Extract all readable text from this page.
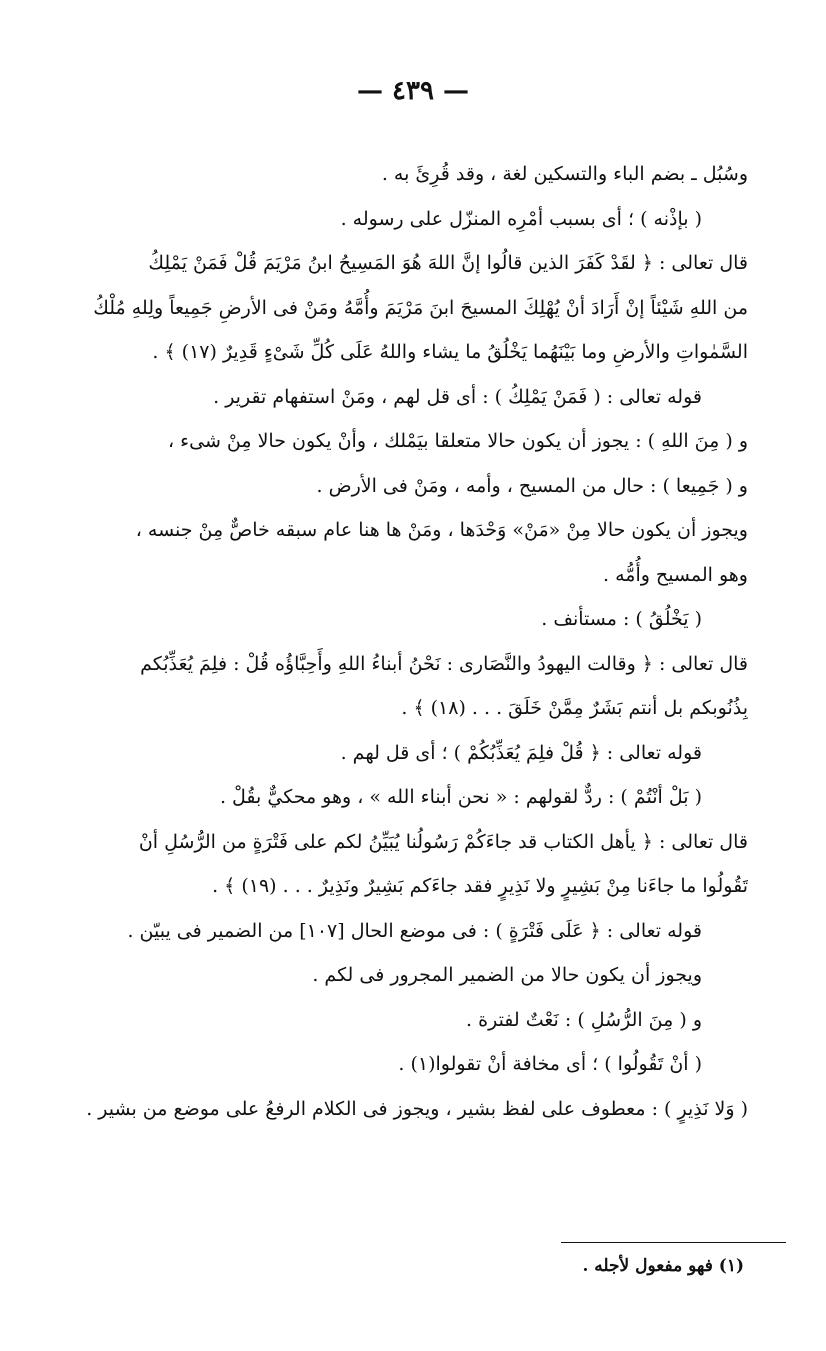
— ٤٣٩ —
وسُبُل ـ بضم الباء والتسكين لغة ، وقد قُرِئَ به .
( بإذْنه ) ؛ أى بسبب أمْرِه المنزّل على رسوله .
قال تعالى : ﴿ لقَدْ كَفَرَ الذين قالُوا إنَّ اللهَ هُوَ المَسِيحُ ابنُ مَرْيَمَ قُلْ فَمَنْ يَمْلِكُ
من اللهِ شَيْئاً إنْ أَرَادَ أنْ يُهْلِكَ المسيحَ ابنَ مَرْيَمَ وأُمَّهُ ومَنْ فى الأرضِ جَمِيعاً ولِلهِ مُلْكُ
السَّمٰواتِ والأرضِ وما بَيْنَهُما يَخْلُقُ ما يشاء واللهُ عَلَى كُلِّ شَىْءٍ قَدِيرٌ (١٧) ﴾ .
قوله تعالى : ( فَمَنْ يَمْلِكُ ) : أى قل لهم ، ومَنْ استفهام تقرير .
و ( مِنَ اللهِ ) : يجوز أن يكون حالا متعلقا بيَمْلك ، وأنْ يكون حالا مِنْ شىء ،
و ( جَمِيعا ) : حال من المسيح ، وأمه ، ومَنْ فى الأرض .
ويجوز أن يكون حالا مِنْ «مَنْ» وَحْدَها ، ومَنْ ها هنا عام سبقه خاصٌّ مِنْ جنسه ،
وهو المسيح وأُمُّه .
( يَخْلُقُ ) : مستأنف .
قال تعالى : ﴿ وقالت اليهودُ والنَّصَارى : نَحْنُ أبناءُ اللهِ وأَحِبَّاؤُه قُلْ : فلِمَ يُعَذِّبُكم
بِذُنُوبكم بل أنتم بَشَرٌ مِمَّنْ خَلَقَ . . . (١٨) ﴾ .
قوله تعالى : ﴿ قُلْ فلِمَ يُعَذِّبُكُمْ ) ؛ أى قل لهم .
( بَلْ أنْتُمْ ) : ردٌّ لقولهم : « نحن أبناء الله » ، وهو محكيٌّ بقُلْ .
قال تعالى : ﴿ يأهل الكتاب قد جاءَكُمْ رَسُولُنا يُبَيِّنُ لكم على فَتْرَةٍ من الرُّسُلِ أنْ
تَقُولُوا ما جاءَنا مِنْ بَشِيرٍ ولا نَذِيرٍ فقد جاءَكم بَشِيرٌ ونَذِيرٌ . . . (١٩) ﴾ .
قوله تعالى : ﴿ عَلَى فَتْرَةٍ ) : فى موضع الحال [١٠٧] من الضمير فى يبيّن .
ويجوز أن يكون حالا من الضمير المجرور فى لكم .
و ( مِنَ الرُّسُلِ ) : نَعْتٌ لفترة .
( أنْ تَقُولُوا ) ؛ أى مخافة أنْ تقولوا(١) .
( وَلا نَذِيرٍ ) : معطوف على لفظ بشير ، ويجوز فى الكلام الرفعُ على موضع من بشير .
(١) فهو مفعول لأجله .
